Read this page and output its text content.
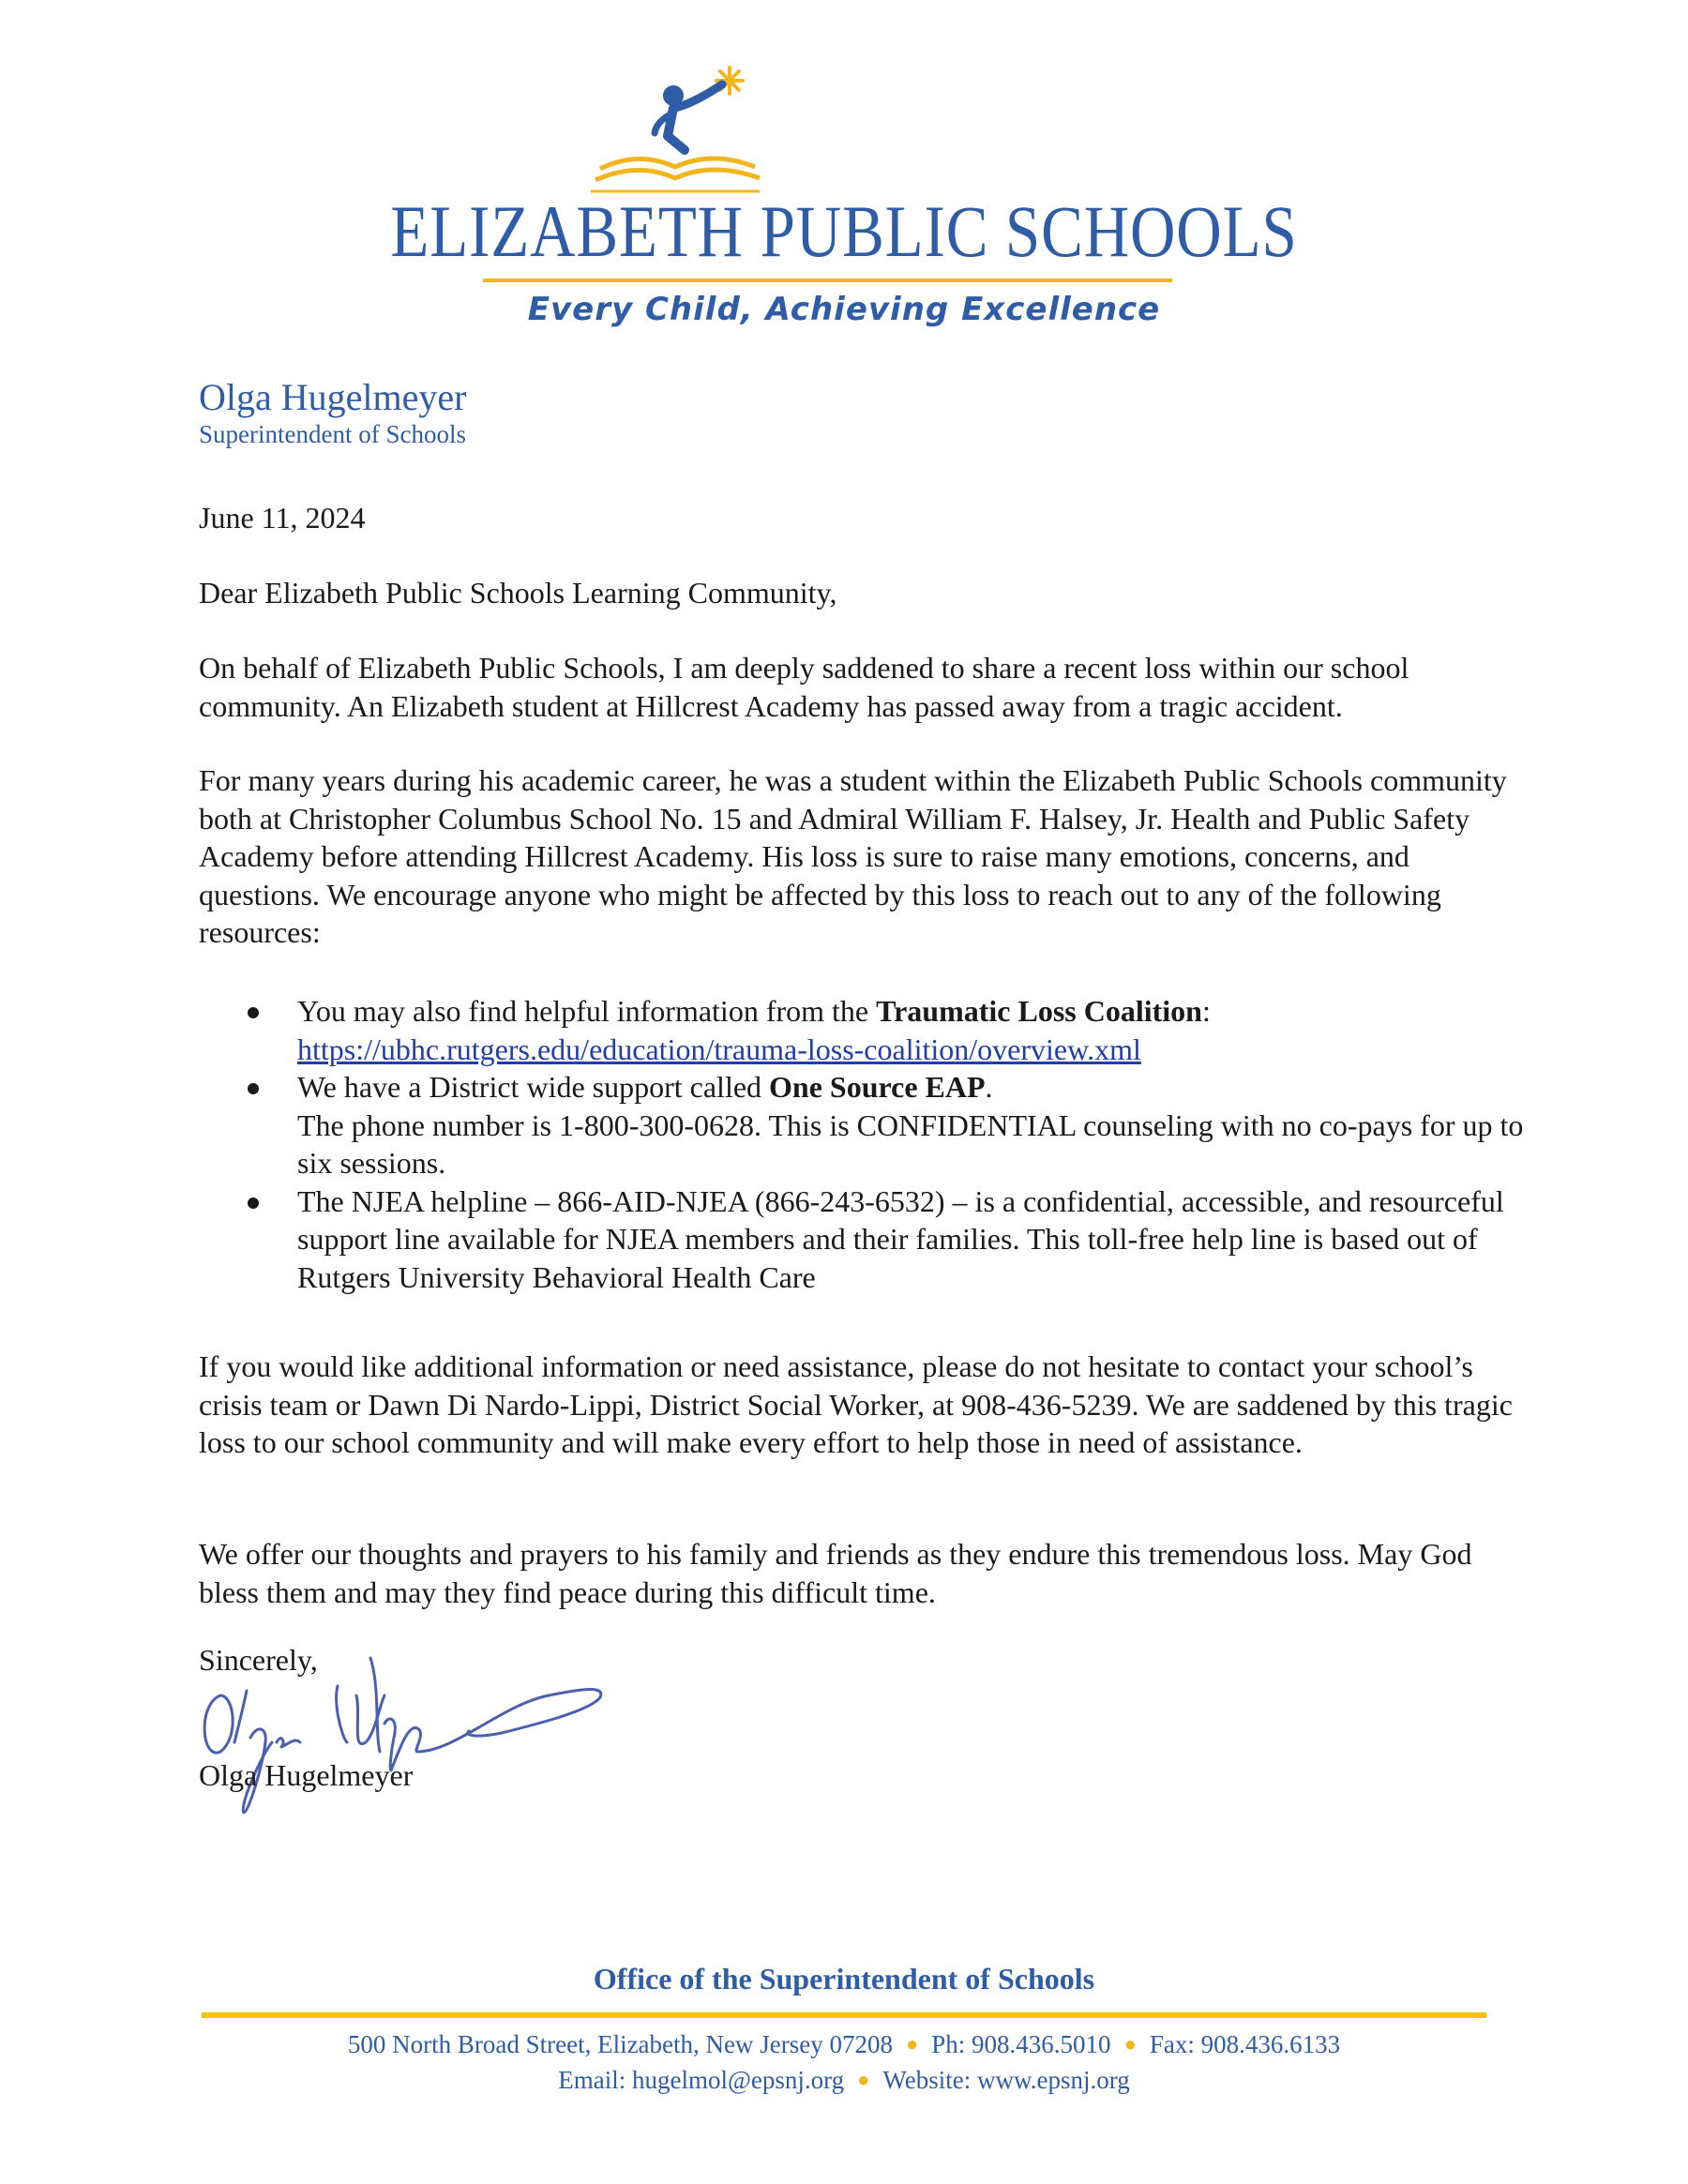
ELIZABETH PUBLIC SCHOOLS
Every Child, Achieving Excellence
Olga Hugelmeyer
Superintendent of Schools
June 11, 2024
Dear Elizabeth Public Schools Learning Community,
On behalf of Elizabeth Public Schools, I am deeply saddened to share a recent loss within our school community. An Elizabeth student at Hillcrest Academy has passed away from a tragic accident.
For many years during his academic career, he was a student within the Elizabeth Public Schools community both at Christopher Columbus School No. 15 and Admiral William F. Halsey, Jr. Health and Public Safety Academy before attending Hillcrest Academy. His loss is sure to raise many emotions, concerns, and questions. We encourage anyone who might be affected by this loss to reach out to any of the following resources:
You may also find helpful information from the Traumatic Loss Coalition:
https://ubhc.rutgers.edu/education/trauma-loss-coalition/overview.xml
We have a District wide support called One Source EAP.
The phone number is 1-800-300-0628. This is CONFIDENTIAL counseling with no co-pays for up to six sessions.
The NJEA helpline – 866-AID-NJEA (866-243-6532) – is a confidential, accessible, and resourceful support line available for NJEA members and their families. This toll-free help line is based out of Rutgers University Behavioral Health Care
If you would like additional information or need assistance, please do not hesitate to contact your school’s crisis team or Dawn Di Nardo-Lippi, District Social Worker, at 908-436-5239. We are saddened by this tragic loss to our school community and will make every effort to help those in need of assistance.
We offer our thoughts and prayers to his family and friends as they endure this tremendous loss. May God bless them and may they find peace during this difficult time.
Sincerely,
Olga Hugelmeyer
Office of the Superintendent of Schools
500 North Broad Street, Elizabeth, New Jersey 07208 ● Ph: 908.436.5010 ● Fax: 908.436.6133
Email: hugelmol@epsnj.org ● Website: www.epsnj.org
